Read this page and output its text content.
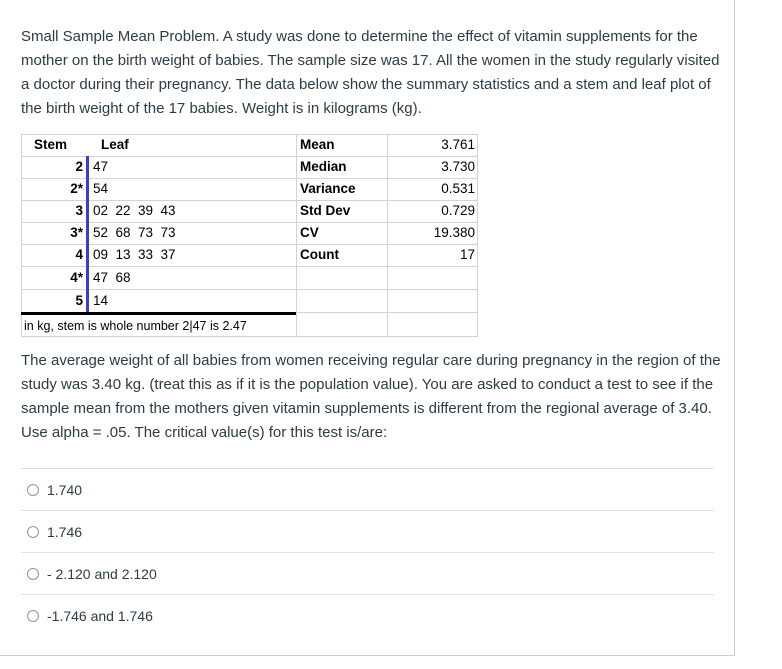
Small Sample Mean Problem. A study was done to determine the effect of vitamin supplements for the mother on the birth weight of babies. The sample size was 17. All the women in the study regularly visited a doctor during their pregnancy. The data below show the summary statistics and a stem and leaf plot of the birth weight of the 17 babies. Weight is in kilograms (kg).

Stem	Leaf
2 47
2* 54
3 02  22  39  43
3* 52  68  73  73
4 09  13  33  37
4* 47  68
5 14
in kg, stem is whole number 2|47 is 2.47
Mean	3.761
Median	3.730
Variance	0.531
Std Dev	0.729
CV	19.380
Count	17

The average weight of all babies from women receiving regular care during pregnancy in the region of the study was 3.40 kg. (treat this as if it is the population value). You are asked to conduct a test to see if the sample mean from the mothers given vitamin supplements is different from the regional average of 3.40. Use alpha = .05. The critical value(s) for this test is/are:

1.740
1.746
- 2.120 and 2.120
-1.746 and 1.746
